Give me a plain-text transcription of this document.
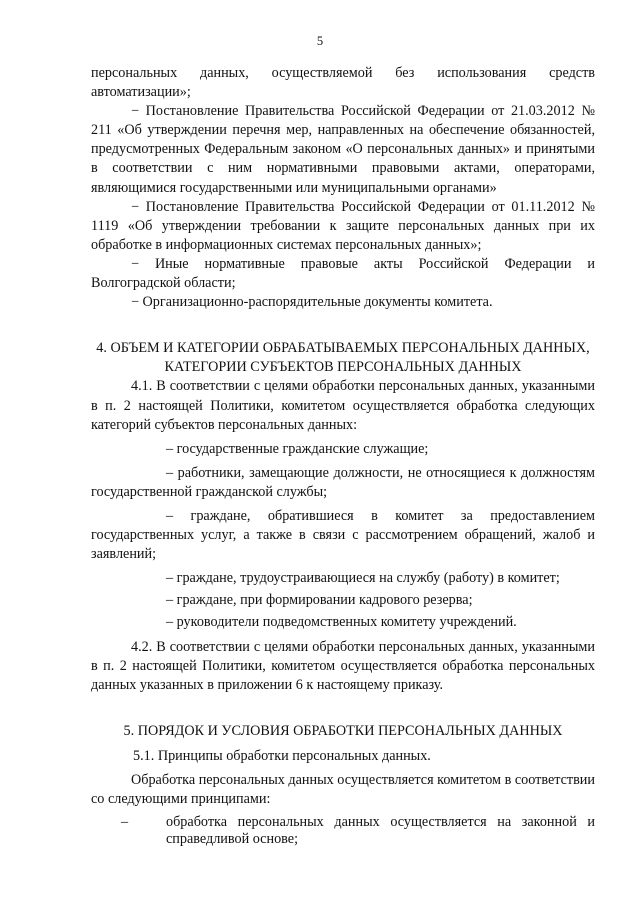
5

персональных данных, осуществляемой без использования средств автоматизации»;

− Постановление Правительства Российской Федерации от 21.03.2012 № 211 «Об утверждении перечня мер, направленных на обеспечение обязанностей, предусмотренных Федеральным законом «О персональных данных» и принятыми в соответствии с ним нормативными правовыми актами, операторами, являющимися государственными или муниципальными органами»

− Постановление Правительства Российской Федерации от 01.11.2012 № 1119 «Об утверждении требовании к защите персональных данных при их обработке в информационных системах персональных данных»;

− Иные нормативные правовые акты Российской Федерации и Волгоградской области;

− Организационно-распорядительные документы комитета.

4. ОБЪЕМ И КАТЕГОРИИ ОБРАБАТЫВАЕМЫХ ПЕРСОНАЛЬНЫХ ДАННЫХ, КАТЕГОРИИ СУБЪЕКТОВ ПЕРСОНАЛЬНЫХ ДАННЫХ

4.1. В соответствии с целями обработки персональных данных, указанными в п. 2 настоящей Политики, комитетом осуществляется обработка следующих категорий субъектов персональных данных:

– государственные гражданские служащие;

– работники, замещающие должности, не относящиеся к должностям государственной гражданской службы;

– граждане, обратившиеся в комитет за предоставлением государственных услуг, а также в связи с рассмотрением обращений, жалоб и заявлений;

– граждане, трудоустраивающиеся на службу (работу) в комитет;

– граждане, при формировании кадрового резерва;

– руководители подведомственных комитету учреждений.

4.2. В соответствии с целями обработки персональных данных, указанными в п. 2 настоящей Политики, комитетом осуществляется обработка персональных данных указанных в приложении 6 к настоящему приказу.

5. ПОРЯДОК И УСЛОВИЯ ОБРАБОТКИ ПЕРСОНАЛЬНЫХ ДАННЫХ

5.1. Принципы обработки персональных данных.

Обработка персональных данных осуществляется комитетом в соответствии со следующими принципами:

–	обработка персональных данных осуществляется на законной и справедливой основе;
